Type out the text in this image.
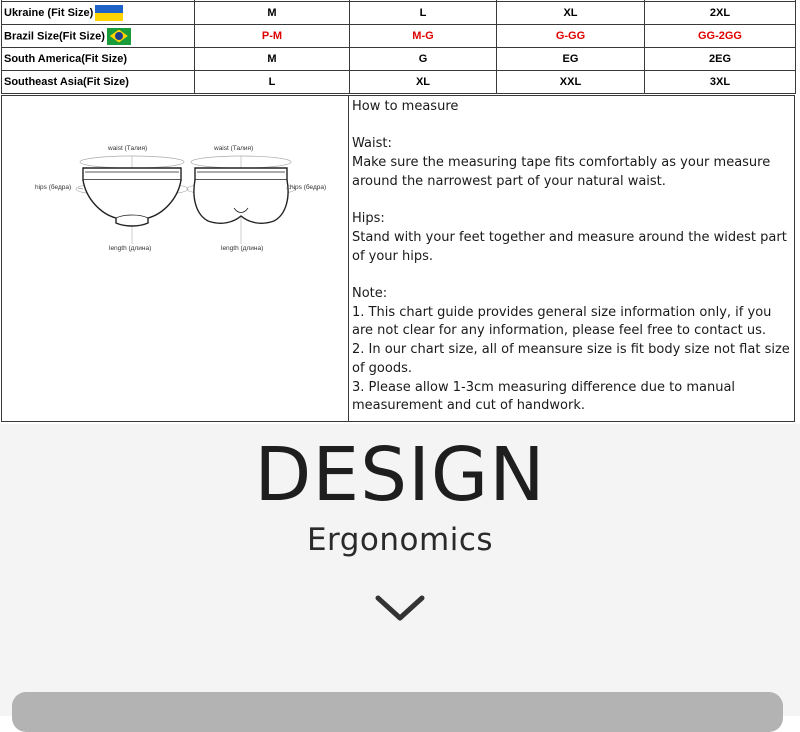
Ukraine (Fit Size)	M	L	XL	2XL
Brazil Size(Fit Size)	P-M	M-G	G-GG	GG-2GG
South America(Fit Size)	M	G	EG	2EG
Southeast Asia(Fit Size)	L	XL	XXL	3XL
waist (Талия)
hips (бедра)
length (длина)
waist (Талия)
hips (бедра)
length (длина)

How to measure

Waist:

Make sure the measuring tape fits comfortably as your measure around the narrowest part of your natural waist.

Hips:

Stand with your feet together and measure around the widest part of your hips.

Note:

1. This chart guide provides general size information only, if you are not clear for any information, please feel free to contact us.

2. In our chart size, all of meansure size is fit body size not flat size of goods.

3. Please allow 1-3cm measuring difference due to manual measurement and cut of handwork.

DESIGN
Ergonomics
